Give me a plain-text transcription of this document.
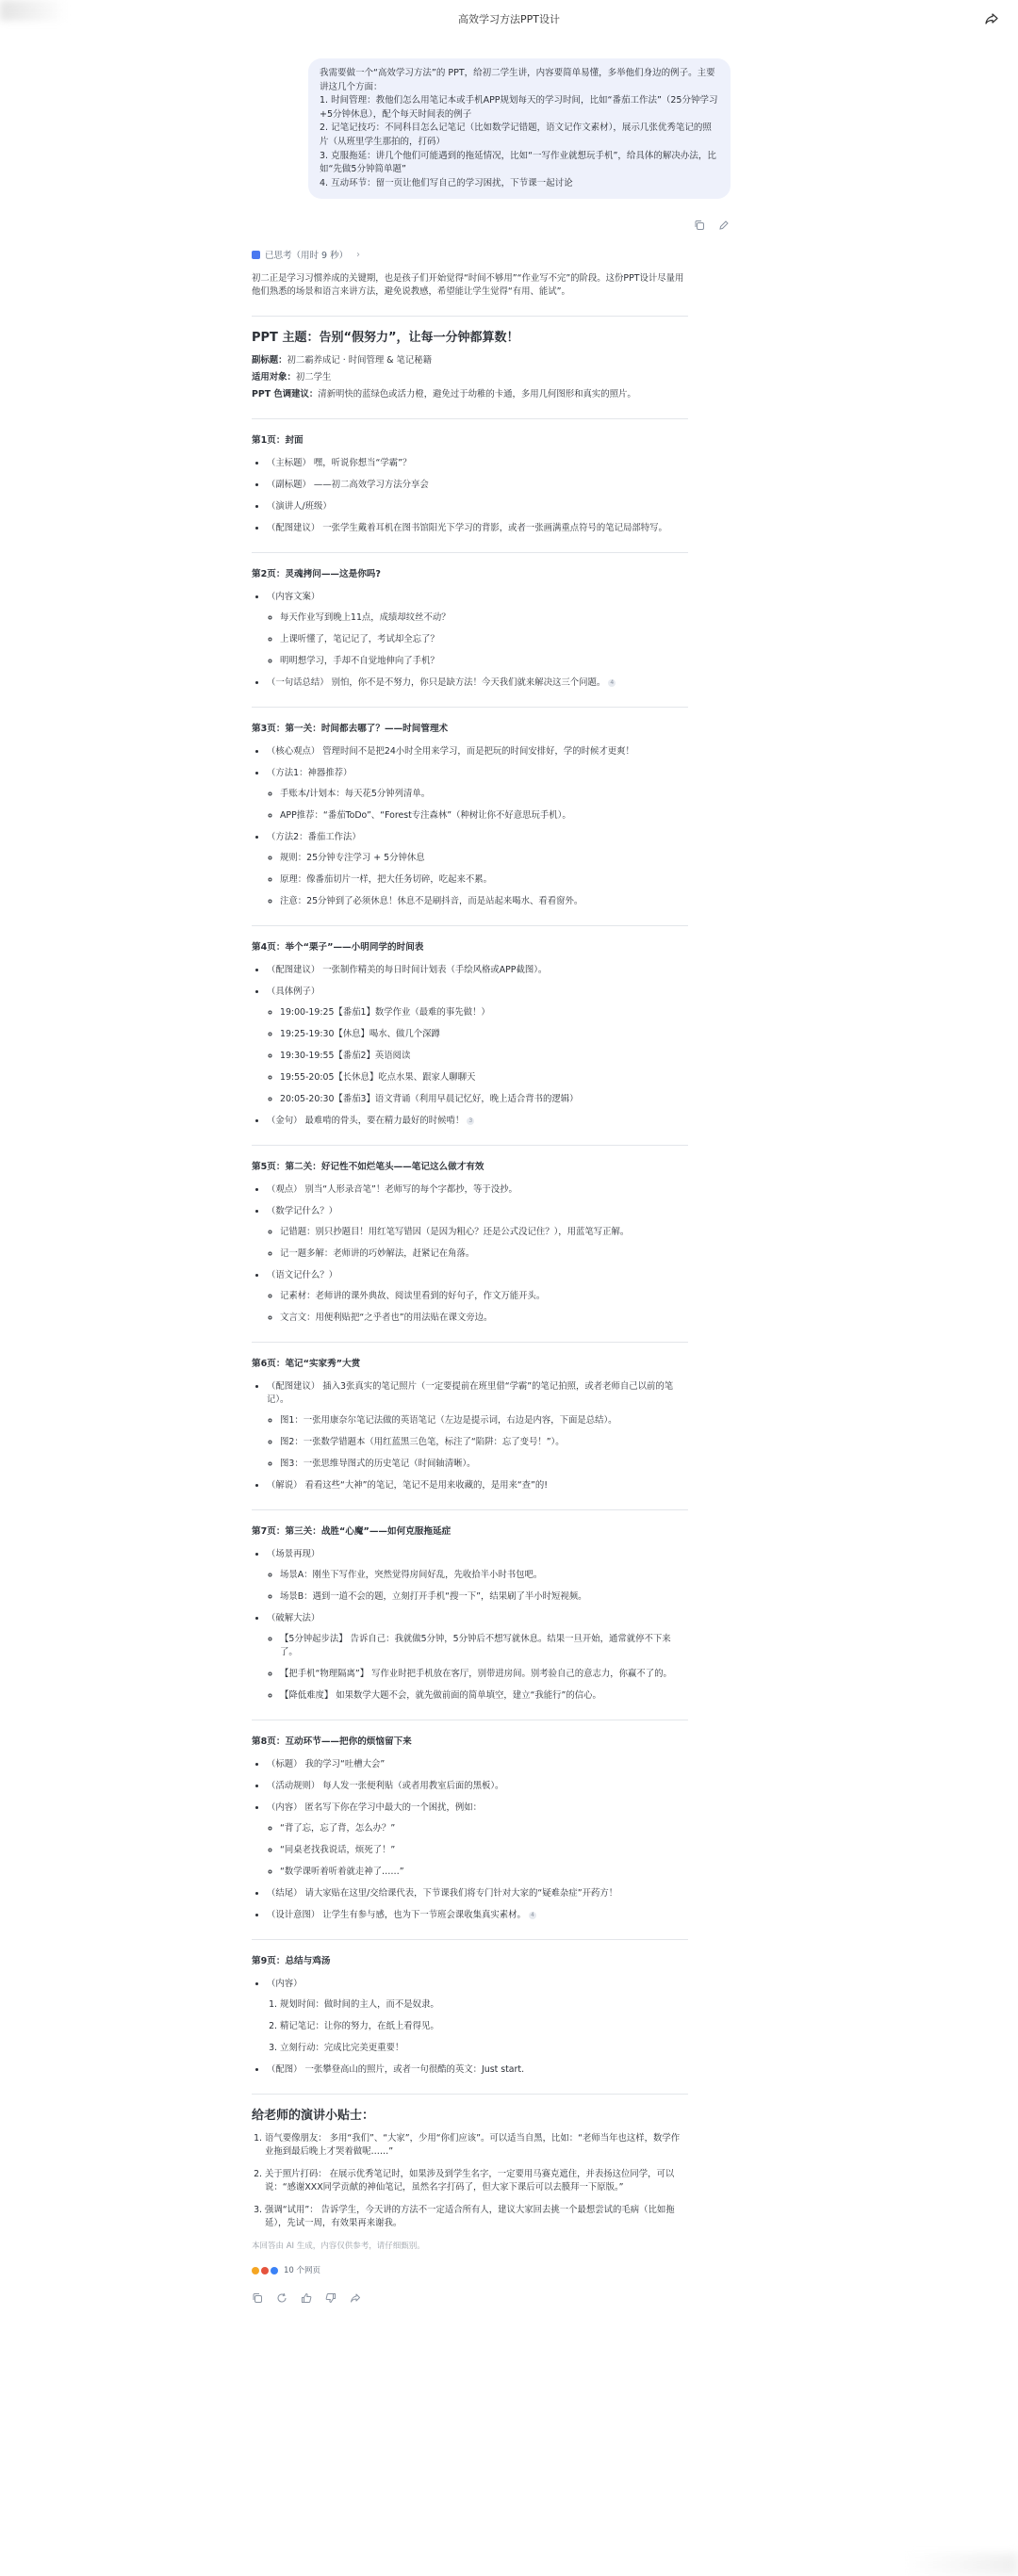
高效学习方法PPT设计

我需要做一个“高效学习方法”的 PPT，给初二学生讲，内容要简单易懂，多举他们身边的例子。主要讲这几个方面：

1. 时间管理：教他们怎么用笔记本或手机APP规划每天的学习时间，比如“番茄工作法”（25分钟学习+5分钟休息），配个每天时间表的例子

2. 记笔记技巧：不同科目怎么记笔记（比如数学记错题，语文记作文素材），展示几张优秀笔记的照片（从班里学生那拍的，打码）

3. 克服拖延：讲几个他们可能遇到的拖延情况，比如“一写作业就想玩手机”，给具体的解决办法，比如“先做5分钟简单题”

4. 互动环节：留一页让他们写自己的学习困扰，下节课一起讨论

已思考（用时 9 秒） ›

初二正是学习习惯养成的关键期，也是孩子们开始觉得“时间不够用”“作业写不完”的阶段。这份PPT设计尽量用他们熟悉的场景和语言来讲方法，避免说教感，希望能让学生觉得“有用、能试”。

PPT 主题：告别“假努力”，让每一分钟都算数！
副标题：初二霸养成记 · 时间管理 & 笔记秘籍
适用对象：初二学生
PPT 色调建议：清新明快的蓝绿色或活力橙，避免过于幼稚的卡通，多用几何图形和真实的照片。
第1页：封面
• （主标题） 嘿，听说你想当“学霸”？
• （副标题） ——初二高效学习方法分享会
• （演讲人/班级）
• （配图建议） 一张学生戴着耳机在图书馆阳光下学习的背影，或者一张画满重点符号的笔记局部特写。
第2页：灵魂拷问——这是你吗?
• （内容文案）
◦ 每天作业写到晚上11点，成绩却纹丝不动？
◦ 上课听懂了，笔记记了，考试却全忘了？
◦ 明明想学习，手却不自觉地伸向了手机？
• （一句话总结） 别怕，你不是不努力，你只是缺方法！今天我们就来解决这三个问题。 4
第3页：第一关：时间都去哪了？——时间管理术
• （核心观点） 管理时间不是把24小时全用来学习，而是把玩的时间安排好，学的时候才更爽！
• （方法1：神器推荐）
◦ 手账本/计划本：每天花5分钟列清单。
◦ APP推荐：“番茄ToDo”、“Forest专注森林”（种树让你不好意思玩手机）。
• （方法2：番茄工作法）
◦ 规则：25分钟专注学习 + 5分钟休息
◦ 原理：像番茄切片一样，把大任务切碎，吃起来不累。
◦ 注意：25分钟到了必须休息！休息不是刷抖音，而是站起来喝水、看看窗外。
第4页：举个“栗子”——小明同学的时间表
• （配图建议） 一张制作精美的每日时间计划表（手绘风格或APP截图）。
• （具体例子）
◦ 19:00-19:25【番茄1】数学作业（最难的事先做！）
◦ 19:25-19:30【休息】喝水、做几个深蹲
◦ 19:30-19:55【番茄2】英语阅读
◦ 19:55-20:05【长休息】吃点水果、跟家人聊聊天
◦ 20:05-20:30【番茄3】语文背诵（利用早晨记忆好，晚上适合背书的逻辑）
• （金句） 最难啃的骨头，要在精力最好的时候啃！ 3
第5页：第二关：好记性不如烂笔头——笔记这么做才有效
• （观点） 别当“人形录音笔”！老师写的每个字都抄，等于没抄。
• （数学记什么？）
◦ 记错题：别只抄题目！用红笔写错因（是因为粗心？还是公式没记住？），用蓝笔写正解。
◦ 记一题多解：老师讲的巧妙解法，赶紧记在角落。
• （语文记什么？）
◦ 记素材：老师讲的课外典故、阅读里看到的好句子，作文万能开头。
◦ 文言文：用便利贴把“之乎者也”的用法贴在课文旁边。
第6页：笔记“实家秀”大赏
• （配图建议） 插入3张真实的笔记照片（一定要提前在班里借“学霸”的笔记拍照，或者老师自己以前的笔记）。
◦ 图1：一张用康奈尔笔记法做的英语笔记（左边是提示词，右边是内容，下面是总结）。
◦ 图2：一张数学错题本（用红蓝黑三色笔，标注了“陷阱：忘了变号！”）。
◦ 图3：一张思维导图式的历史笔记（时间轴清晰）。
• （解说） 看看这些“大神”的笔记，笔记不是用来收藏的，是用来“查”的!
第7页：第三关：战胜“心魔”——如何克服拖延症
• （场景再现）
◦ 场景A：刚坐下写作业，突然觉得房间好乱，先收拾半小时书包吧。
◦ 场景B：遇到一道不会的题，立刻打开手机“搜一下”，结果刷了半小时短视频。
• （破解大法）
◦ 【5分钟起步法】 告诉自己：我就做5分钟，5分钟后不想写就休息。结果一旦开始，通常就停不下来了。
◦ 【把手机“物理隔离”】 写作业时把手机放在客厅，别带进房间。别考验自己的意志力，你赢不了的。
◦ 【降低难度】 如果数学大题不会，就先做前面的简单填空，建立“我能行”的信心。
第8页：互动环节——把你的烦恼留下来
• （标题） 我的学习“吐槽大会”
• （活动规则） 每人发一张便利贴（或者用教室后面的黑板）。
• （内容） 匿名写下你在学习中最大的一个困扰，例如：
◦ “背了忘，忘了背，怎么办？”
◦ “同桌老找我说话，烦死了！”
◦ “数学课听着听着就走神了……”
• （结尾） 请大家贴在这里/交给课代表，下节课我们将专门针对大家的“疑难杂症”开药方！
• （设计意图） 让学生有参与感，也为下一节班会课收集真实素材。 4
第9页：总结与鸡汤
• （内容）
1. 规划时间：做时间的主人，而不是奴隶。
2. 精记笔记：让你的努力，在纸上看得见。
3. 立刻行动：完成比完美更重要！
• （配图） 一张攀登高山的照片，或者一句很酷的英文：Just start.
给老师的演讲小贴士：
1. 语气要像朋友： 多用“我们”、“大家”，少用“你们应该”。可以适当自黑，比如：“老师当年也这样，数学作业拖到最后晚上才哭着做呢……”
2. 关于照片打码： 在展示优秀笔记时，如果涉及到学生名字，一定要用马赛克遮住，并表扬这位同学，可以说：“感谢XXX同学贡献的神仙笔记，虽然名字打码了，但大家下课后可以去膜拜一下原版。”
3. 强调“试用”： 告诉学生，今天讲的方法不一定适合所有人，建议大家回去挑一个最想尝试的毛病（比如拖延），先试一周，有效果再来谢我。
本回答由 AI 生成，内容仅供参考，请仔细甄别。
10 个网页
